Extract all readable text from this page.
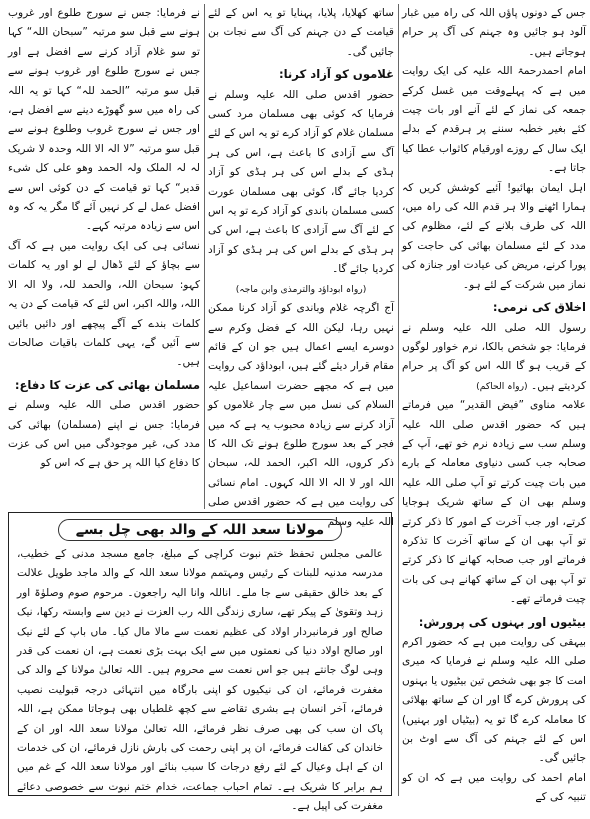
جس کے دونوں پاؤں اللہ کی راہ میں غبار آلود ہو جائیں وہ جہنم کی آگ پر حرام ہوجاتے ہیں۔

امام احمدرحمۃ اللہ علیہ کی ایک روایت میں ہے کہ پہلےوقت میں غسل کرکے جمعہ کی نماز کے لئے آنے اور بات چیت کئے بغیر خطبہ سننے پر ہرقدم کے بدلے ایک سال کے روزے اورقیام کاثواب عطا کیا جاتا ہے۔

اہل ایمان بھائیو! آئیے کوشش کریں کہ ہمارا اٹھنے والا ہر قدم اللہ کی راہ میں، اللہ کی طرف بلانے کے لئے، مظلوم کی مدد کے لئے مسلمان بھائی کی حاجت کو پورا کرنے، مریض کی عیادت اور جنازہ کی نماز میں شرکت کے لئے ہو۔

اخلاق کی نرمی:

رسول اللہ صلی اللہ علیہ وسلم نے فرمایا: جو شخص بالکا، نرم خواور لوگوں کے قریب ہو گا اللہ اس کو آگ پر حرام کردیتے ہیں۔ (رواہ الحاکم)

علامہ مناوی ”فیض القدیر“ میں فرماتے ہیں کہ حضور اقدس صلی اللہ علیہ وسلم سب سے زیادہ نرم خو تھے، آپ کے صحابہ جب کسی دنیاوی معاملہ کے بارے میں بات چیت کرتے تو آپ صلی اللہ علیہ وسلم بھی ان کے ساتھ شریک ہوجایا کرتے، اور جب آخرت کے امور کا ذکر کرتے تو آپ بھی ان کے ساتھ آخرت کا تذکرہ فرماتے اور جب صحابہ کھانے کا ذکر کرتے تو آپ بھی ان کے ساتھ کھانے ہی کی بات چیت فرماتے تھے۔

بیٹیوں اور بہنوں کی پرورش:

بیہقی کی روایت میں ہے کہ حضور اکرم صلی اللہ علیہ وسلم نے فرمایا کہ میری امت کا جو بھی شخص تین بیٹیوں یا بہنوں کی پرورش کرے گا اور ان کے ساتھ بھلائی کا معاملہ کرے گا تو یہ (بیٹیاں اور بہنیں) اس کے لئے جہنم کی آگ سے اوٹ بن جائیں گی۔

امام احمد کی روایت میں ہے کہ ان کو تنبیہ کی کے

ساتھ کھلایا، پلایا، پہنایا تو یہ اس کے لئے قیامت کے دن جہنم کی آگ سے نجات بن جائیں گی۔

غلاموں کو آزاد کرنا:

حضور اقدس صلی اللہ علیہ وسلم نے فرمایا کہ کوئی بھی مسلمان مرد کسی مسلمان غلام کو آزاد کرے تو یہ اس کے لئے آگ سے آزادی کا باعث ہے، اس کی ہر ہڈی کے بدلے اس کی ہر ہڈی کو آزاد کردیا جائے گا، کوئی بھی مسلمان عورت کسی مسلمان باندی کو آزاد کرے تو یہ اس کے لئے آگ سے آزادی کا باعث ہے، اس کی ہر ہڈی کے بدلے اس کی ہر ہڈی کو آزاد کردیا جائے گا۔

(رواہ ابوداؤد والترمذی وابن ماجہ)

آج اگرچہ غلام وباندی کو آزاد کرنا ممکن نہیں رہا، لیکن اللہ کے فضل وکرم سے دوسرے ایسے اعمال ہیں جو ان کے قائم مقام قرار دیئے گئے ہیں، ابوداؤد کی روایت میں ہے کہ مجھے حضرت اسماعیل علیہ السلام کی نسل میں سے چار غلاموں کو آزاد کرنے سے زیادہ محبوب یہ ہے کہ میں فجر کے بعد سورج طلوع ہونے تک اللہ کا ذکر کروں، اللہ اکبر، الحمد للہ، سبحان اللہ اور لا الہ الا اللہ کہوں۔ امام نسائی کی روایت میں ہے کہ حضور اقدس صلی اللہ علیہ وسلم

نے فرمایا: جس نے سورج طلوع اور غروب ہونے سے قبل سو مرتبہ ”سبحان اللہ“ کہا تو سو غلام آزاد کرنے سے افضل ہے اور جس نے سورج طلوع اور غروب ہونے سے قبل سو مرتبہ ”الحمد للہ“ کہا تو یہ اللہ کی راہ میں سو گھوڑے دینے سے افضل ہے، اور جس نے سورج غروب وطلوع ہونے سے قبل سو مرتبہ ”لا الہ الا اللہ وحدہ لا شریک لہ لہ الملک ولہ الحمد وھو علی کل شیء قدیر“ کہا تو قیامت کے دن کوئی اس سے افضل عمل لے کر نہیں آئے گا مگر یہ کہ وہ اس سے زیادہ مرتبہ کہے۔

نسائی ہی کی ایک روایت میں ہے کہ آگ سے بچاؤ کے لئے ڈھال لے لو اور یہ کلمات کہو: سبحان اللہ، والحمد للہ، ولا الہ الا اللہ، واللہ اکبر، اس لئے کہ قیامت کے دن یہ کلمات بندے کے آگے پیچھے اور دائیں بائیں سے آئیں گے، یہی کلمات باقیات صالحات ہیں۔

مسلمان بھائی کی عزت کا دفاع:

حضور اقدس صلی اللہ علیہ وسلم نے فرمایا: جس نے اپنے (مسلمان) بھائی کی مدد کی، غیر موجودگی میں اس کی عزت کا دفاع کیا اللہ پر حق ہے کہ اس کو

مولانا سعد اللہ کے والد بھی چل بسے
عالمی مجلس تحفظ ختم نبوت کراچی کے مبلغ، جامع مسجد مدنی کے خطیب، مدرسہ مدنیہ للبنات کے رئیس ومہتمم مولانا سعد اللہ کے والد ماجد طویل علالت کے بعد خالق حقیقی سے جا ملے۔ اناللہ وانا الیہ راجعون۔ مرحوم صوم وصلوٰۃ اور زہد وتقویٰ کے پیکر تھے، ساری زندگی اللہ رب العزت نے دین سے وابستہ رکھا، نیک صالح اور فرمانبردار اولاد کی عظیم نعمت سے مالا مال کیا۔ ماں باپ کے لئے نیک اور صالح اولاد دنیا کی نعمتوں میں سے ایک بہت بڑی نعمت ہے، ان نعمت کی قدر وہی لوگ جانتے ہیں جو اس نعمت سے محروم ہیں۔ اللہ تعالیٰ مولانا کے والد کی مغفرت فرمائے، ان کی نیکیوں کو اپنی بارگاہ میں انتہائی درجہ قبولیت نصیب فرمائے، آخر انسان ہے بشری تقاضے سے کچھ غلطیاں بھی ہوجاتا ممکن ہے، اللہ پاک ان سب کی بھی صرف نظر فرمائے، اللہ تعالیٰ مولانا سعد اللہ اور ان کے خاندان کی کفالت فرمائے، ان پر اپنی رحمت کی بارش نازل فرمائے، ان کی خدمات ان کے اہل وعیال کے لئے رفع درجات کا سبب بنائے اور مولانا سعد اللہ کے غم میں ہم برابر کا شریک ہے۔ تمام احباب جماعت، خدام ختم نبوت سے خصوصی دعائے مغفرت کی اپیل ہے۔
